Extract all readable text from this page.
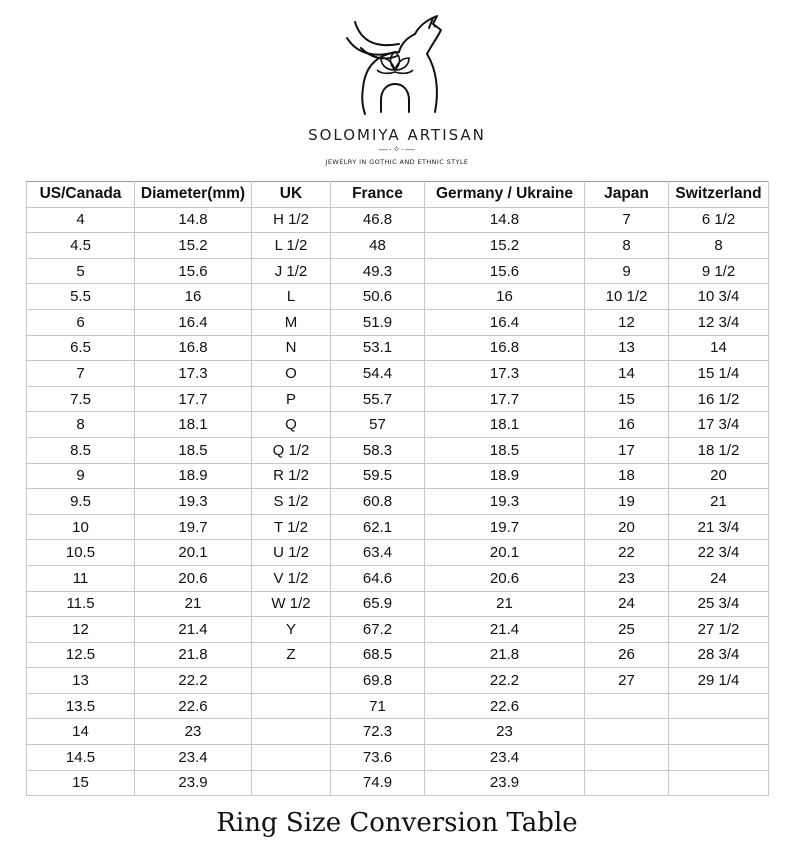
SOLOMIYA ARTISAN
—·✧·—
JEWELRY IN GOTHIC AND ETHNIC STYLE
US/Canada	Diameter(mm)	UK	France	Germany / Ukraine	Japan	Switzerland
4	14.8	H 1/2	46.8	14.8	7	6 1/2
4.5	15.2	L 1/2	48	15.2	8	8
5	15.6	J 1/2	49.3	15.6	9	9 1/2
5.5	16	L	50.6	16	10 1/2	10 3/4
6	16.4	M	51.9	16.4	12	12 3/4
6.5	16.8	N	53.1	16.8	13	14
7	17.3	O	54.4	17.3	14	15 1/4
7.5	17.7	P	55.7	17.7	15	16 1/2
8	18.1	Q	57	18.1	16	17 3/4
8.5	18.5	Q 1/2	58.3	18.5	17	18 1/2
9	18.9	R 1/2	59.5	18.9	18	20
9.5	19.3	S 1/2	60.8	19.3	19	21
10	19.7	T 1/2	62.1	19.7	20	21 3/4
10.5	20.1	U 1/2	63.4	20.1	22	22 3/4
11	20.6	V 1/2	64.6	20.6	23	24
11.5	21	W 1/2	65.9	21	24	25 3/4
12	21.4	Y	67.2	21.4	25	27 1/2
12.5	21.8	Z	68.5	21.8	26	28 3/4
13	22.2		69.8	22.2	27	29 1/4
13.5	22.6		71	22.6		
14	23		72.3	23		
14.5	23.4		73.6	23.4		
15	23.9		74.9	23.9		
Ring Size Conversion Table
